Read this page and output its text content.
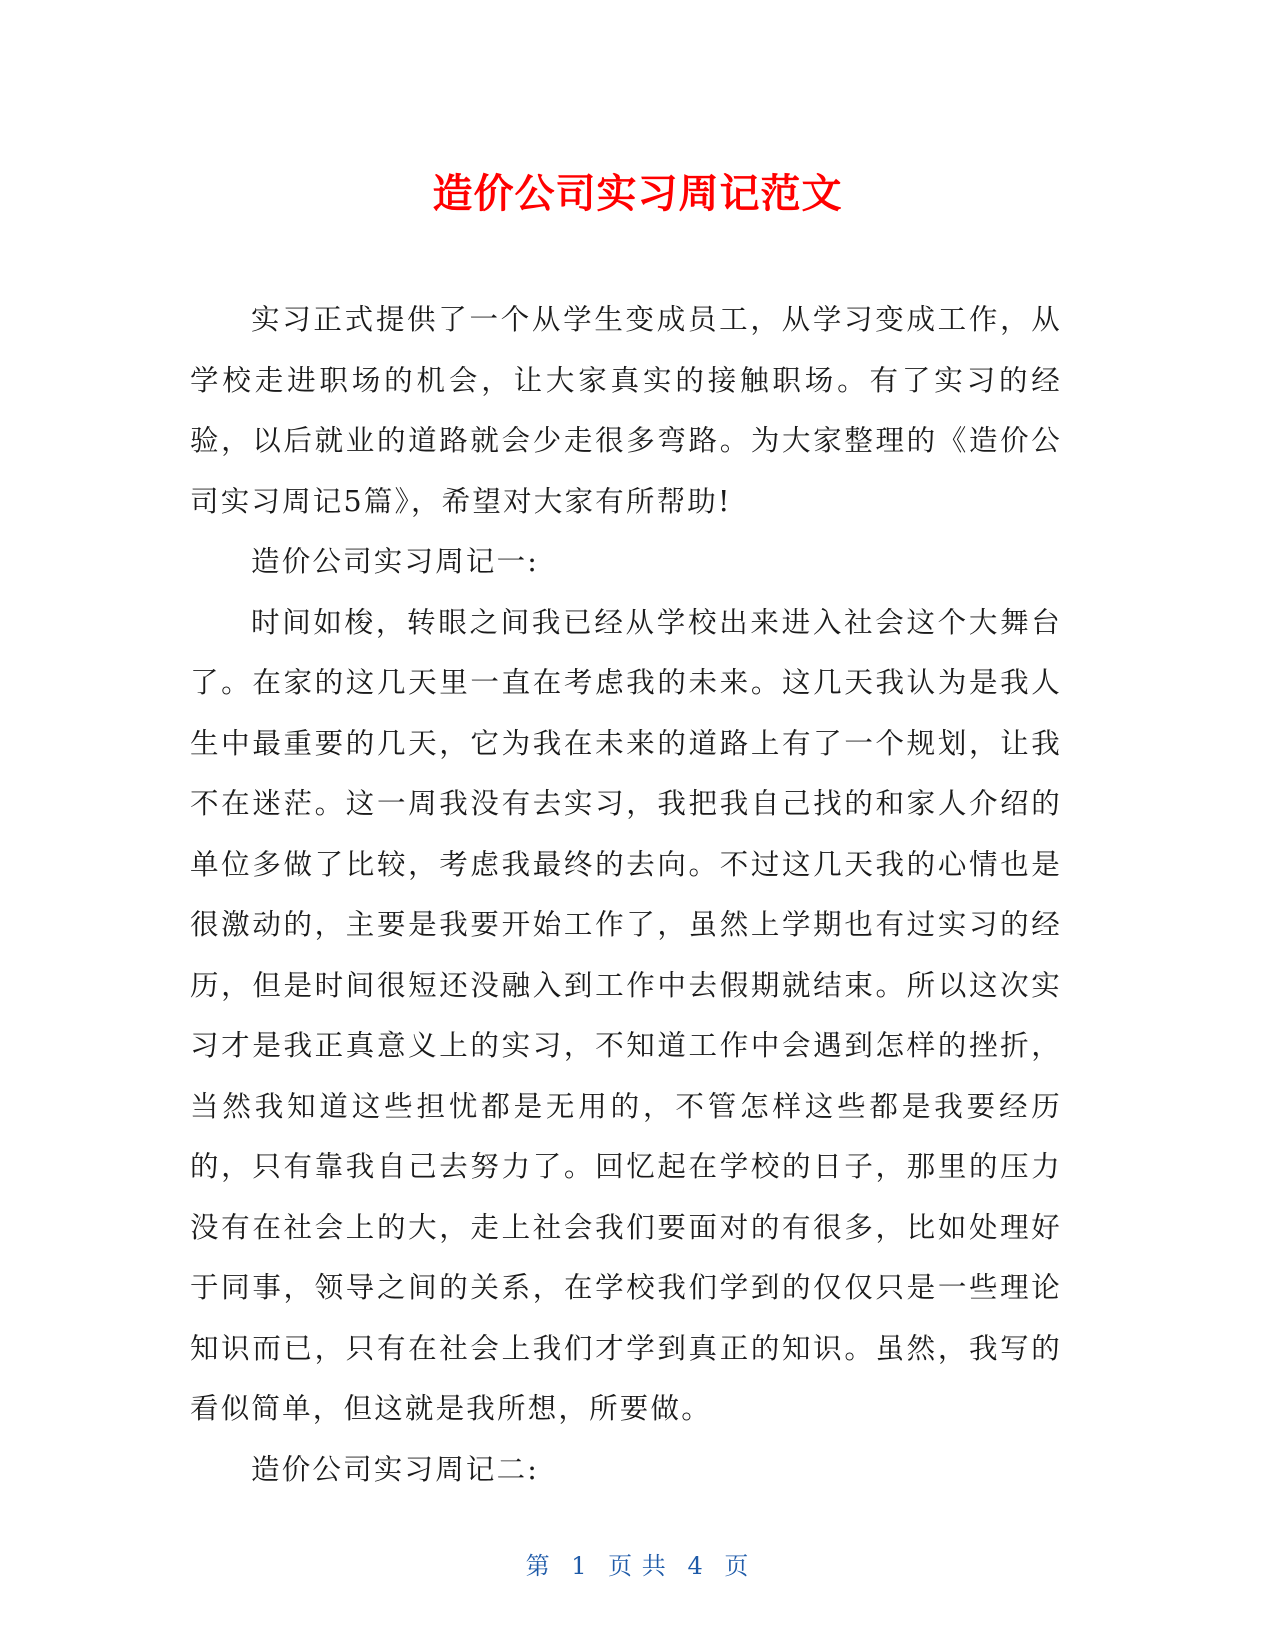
造价公司实习周记范文

实习正式提供了一个从学生变成员工，从学习变成工作，从学校走进职场的机会，让大家真实的接触职场。有了实习的经验，以后就业的道路就会少走很多弯路。为大家整理的《造价公司实习周记5篇》，希望对大家有所帮助!

造价公司实习周记一:

时间如梭，转眼之间我已经从学校出来进入社会这个大舞台了。在家的这几天里一直在考虑我的未来。这几天我认为是我人生中最重要的几天，它为我在未来的道路上有了一个规划，让我不在迷茫。这一周我没有去实习，我把我自己找的和家人介绍的单位多做了比较，考虑我最终的去向。不过这几天我的心情也是很激动的，主要是我要开始工作了，虽然上学期也有过实习的经历，但是时间很短还没融入到工作中去假期就结束。所以这次实习才是我正真意义上的实习，不知道工作中会遇到怎样的挫折，当然我知道这些担忧都是无用的，不管怎样这些都是我要经历的，只有靠我自己去努力了。回忆起在学校的日子，那里的压力没有在社会上的大，走上社会我们要面对的有很多，比如处理好于同事，领导之间的关系，在学校我们学到的仅仅只是一些理论知识而已，只有在社会上我们才学到真正的知识。虽然，我写的看似简单，但这就是我所想，所要做。

造价公司实习周记二:

第 1 页 共 4 页
